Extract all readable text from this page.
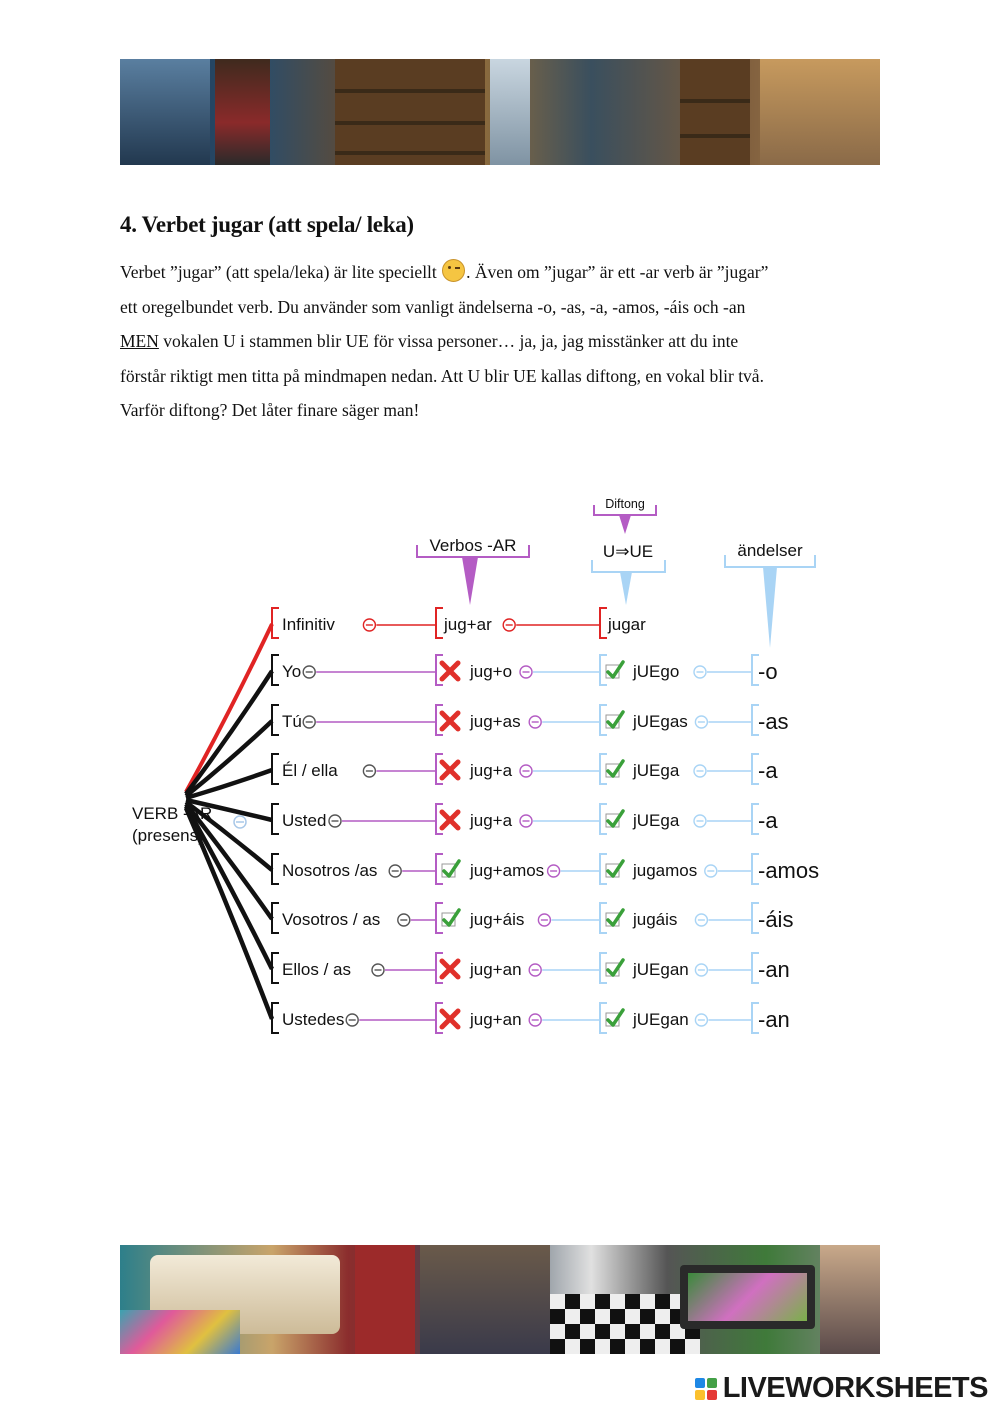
4. Verbet jugar (att spela/ leka)

Verbet ”jugar” (att spela/leka) är lite speciellt . Även om ”jugar” är ett -ar verb är ”jugar”

ett oregelbundet verb. Du använder som vanligt ändelserna -o, -as, -a, -amos, -áis och -an

MEN vokalen U i stammen blir UE för vissa personer… ja, ja, jag misstänker att du inte

förstår riktigt men titta på mindmapen nedan. Att U blir UE kallas diftong, en vokal blir två.

Varför diftong? Det låter finare säger man!

Verbos -AR
Diftong
U⇒UE	ändelser
VERB -AR
(presens)
Infinitiv	jug+ar	jugar
Yo	jug+o	jUEgo	-o
Tú	jug+as	jUEgas	-as
Él / ella	jug+a	jUEga	-a
Usted	jug+a	jUEga	-a
Nosotros /as	jug+amos	jugamos	-amos
Vosotros / as	jug+áis	jugáis	-áis
Ellos / as	jug+an	jUEgan	-an
Ustedes	jug+an	jUEgan	-an
LIVEWORKSHEETS
